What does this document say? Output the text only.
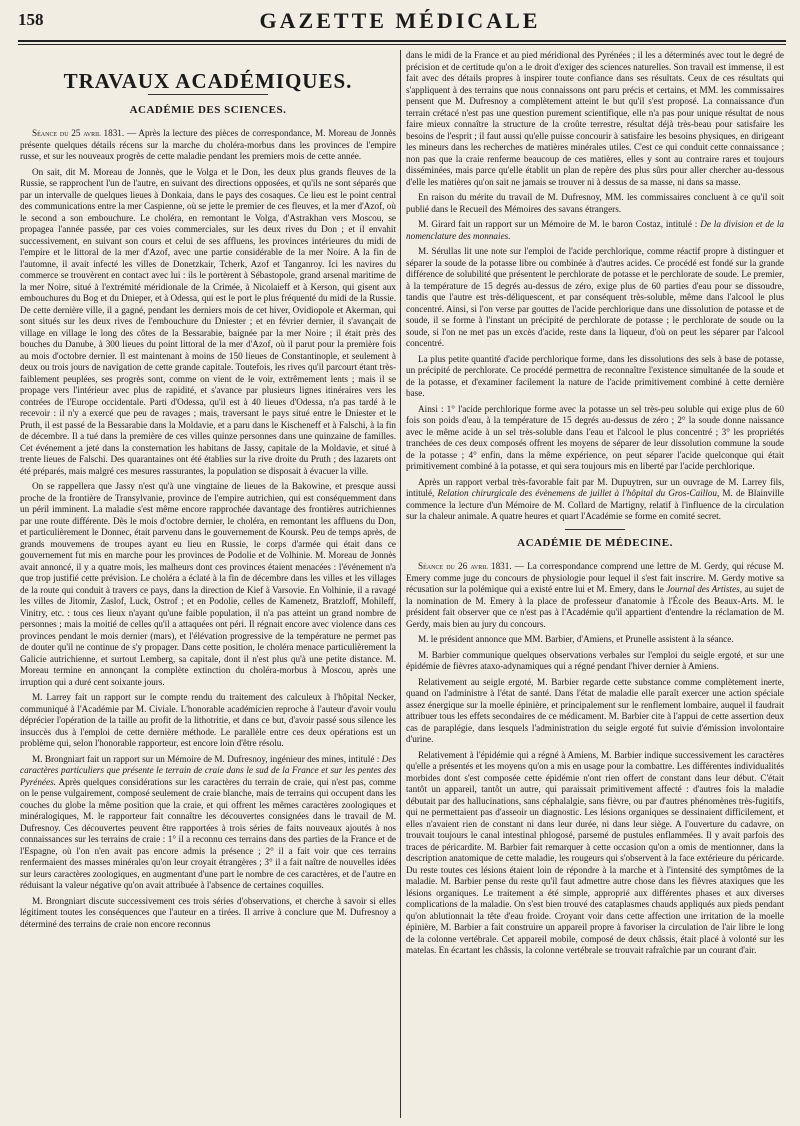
158	GAZETTE MÉDICALE
TRAVAUX ACADÉMIQUES.
ACADÉMIE DES SCIENCES.

Séance du 25 avril 1831. — Après la lecture des pièces de correspondance, M. Moreau de Jonnès présente quelques détails récens sur la marche du choléra-morbus dans les provinces de l'empire russe, et sur les nouveaux progrès de cette maladie pendant les premiers mois de cette année.

On sait, dit M. Moreau de Jonnès, que le Volga et le Don, les deux plus grands fleuves de la Russie, se rapprochent l'un de l'autre, en suivant des directions opposées, et qu'ils ne sont séparés que par un intervalle de quelques lieues à Donkaia, dans le pays des cosaques. Ce lieu est le point central des communications entre la mer Caspienne, où se jette le premier de ces fleuves, et la mer d'Azof, où le second a son embouchure. Le choléra, en remontant le Volga, d'Astrakhan vers Moscou, se propagea l'année passée, par ces voies commerciales, sur les deux rives du Don ; et il envahit successivement, en suivant son cours et celui de ses affluens, les provinces intérieures du midi de l'empire et le littoral de la mer d'Azof, avec une partie considérable de la mer Noire. A la fin de l'automne, il avait infecté les villes de Donetzkair, Tcherk, Azof et Tanganroy. Ici les navires du commerce se trouvèrent en contact avec lui : ils le portèrent à Sébastopole, grand arsenal maritime de la mer Noire, situé à l'extrémité méridionale de la Crimée, à Nicolaieff et à Kerson, qui gisent aux embouchures du Bog et du Dnieper, et à Odessa, qui est le port le plus fréquenté du midi de la Russie. De cette dernière ville, il a gagné, pendant les derniers mois de cet hiver, Ovidiopole et Akerman, qui sont situés sur les deux rives de l'embouchure du Dniester ; et en février dernier, il s'avançait de village en village le long des côtes de la Bessarabie, baignée par la mer Noire ; il était près des bouches du Danube, à 300 lieues du point littoral de la mer d'Azof, où il parut pour la première fois au mois d'octobre dernier. Il est maintenant à moins de 150 lieues de Constantinople, et seulement à deux ou trois jours de navigation de cette grande capitale. Toutefois, les rives qu'il parcourt étant très-faiblement peuplées, ses progrès sont, comme on vient de le voir, extrêmement lents ; mais il se propage vers l'intérieur avec plus de rapidité, et s'avance par plusieurs lignes itinéraires vers les contrées de l'Europe occidentale. Parti d'Odessa, qu'il est à 40 lieues d'Odessa, n'a pas tardé à le recevoir : il n'y a exercé que peu de ravages ; mais, traversant le pays situé entre le Dniester et le Pruth, il est passé de la Bessarabie dans la Moldavie, et a paru dans le Kischeneff et à Falschi, à la fin de décembre. Il a tué dans la première de ces villes quinze personnes dans une quinzaine de familles. Cet événement a jeté dans la consternation les habitans de Jassy, capitale de la Moldavie, et situé à trente lieues de Falschi. Des quarantaines ont été établies sur la rive droite du Pruth ; des lazarets ont été préparés, mais malgré ces mesures rassurantes, la population se disposait à évacuer la ville.

On se rappellera que Jassy n'est qu'à une vingtaine de lieues de la Bakowine, et presque aussi proche de la frontière de Transylvanie, province de l'empire autrichien, qui est conséquemment dans un péril imminent. La maladie s'est même encore rapprochée davantage des frontières autrichiennes par une route différente. Dès le mois d'octobre dernier, le choléra, en remontant les affluens du Don, et particulièrement le Donnec, était parvenu dans le gouvernement de Koursk. Peu de temps après, de grands mouvemens de troupes ayant eu lieu en Russie, le corps d'armée qui était dans ce gouvernement fut mis en marche pour les provinces de Podolie et de Volhinie. M. Moreau de Jonnès avait annoncé, il y a quatre mois, les malheurs dont ces provinces étaient menacées : l'événement n'a que trop justifié cette prévision. Le choléra a éclaté à la fin de décembre dans les villes et les villages de la route qui conduit à travers ce pays, dans la direction de Kief à Varsovie. En Volhinie, il a ravagé les villes de Jitomir, Zaslof, Luck, Ostrof ; et en Podolie, celles de Kamenetz, Bratzloff, Mohileff, Vinitry, etc. : tous ces lieux n'ayant qu'une faible population, il n'a pas atteint un grand nombre de personnes ; mais la moitié de celles qu'il a attaquées ont péri. Il régnait encore avec violence dans ces provinces pendant le mois dernier (mars), et l'élévation progressive de la température ne permet pas de douter qu'il ne continue de s'y propager. Dans cette position, le choléra menace particulièrement la Galicie autrichienne, et surtout Lemberg, sa capitale, dont il n'est plus qu'à une petite distance. M. Moreau termine en annonçant la complète extinction du choléra-morbus à Moscou, après une irruption qui a duré cent soixante jours.

M. Larrey fait un rapport sur le compte rendu du traitement des calculeux à l'hôpital Necker, communiqué à l'Académie par M. Civiale. L'honorable académicien reproche à l'auteur d'avoir voulu déprécier l'opération de la taille au profit de la lithotritie, et dans ce but, d'avoir passé sous silence les insuccès dus à l'emploi de cette dernière méthode. Le parallèle entre ces deux opérations est un problème qui, selon l'honorable rapporteur, est encore loin d'être résolu.

M. Brongniart fait un rapport sur un Mémoire de M. Dufresnoy, ingénieur des mines, intitulé : Des caractères particuliers que présente le terrain de craie dans le sud de la France et sur les pentes des Pyrénées. Après quelques considérations sur les caractères du terrain de craie, qui n'est pas, comme on le pense vulgairement, composé seulement de craie blanche, mais de terrains qui occupent dans les couches du globe la même position que la craie, et qui offrent les mêmes caractères zoologiques et minéralogiques, M. le rapporteur fait connaître les découvertes consignées dans le travail de M. Dufresnoy. Ces découvertes peuvent être rapportées à trois séries de faits nouveaux ajoutés à nos connaissances sur les terrains de craie : 1° il a reconnu ces terrains dans des parties de la France et de l'Espagne, où l'on n'en avait pas encore admis la présence ; 2° il a fait voir que ces terrains renfermaient des masses minérales qu'on leur croyait étrangères ; 3° il a fait naître de nouvelles idées sur leurs caractères zoologiques, en augmentant d'une part le nombre de ces caractères, et de l'autre en réduisant la valeur négative qu'on avait attribuée à l'absence de certaines coquilles.

M. Brongniart discute successivement ces trois séries d'observations, et cherche à savoir si elles légitiment toutes les conséquences que l'auteur en a tirées. Il arrive à conclure que M. Dufresnoy a déterminé des terrains de craie non encore reconnus

dans le midi de la France et au pied méridional des Pyrénées ; il les a déterminés avec tout le degré de précision et de certitude qu'on a le droit d'exiger des sciences naturelles. Son travail est immense, il est fait avec des détails propres à inspirer toute confiance dans ses résultats. Ceux de ces résultats qui s'appliquent à des terrains que nous connaissons ont paru précis et certains, et MM. les commissaires pensent que M. Dufresnoy a complètement atteint le but qu'il s'est proposé. La connaissance d'un terrain crétacé n'est pas une question purement scientifique, elle n'a pas pour unique résultat de nous faire mieux connaître la structure de la croûte terrestre, résultat déjà très-beau pour satisfaire les besoins de l'esprit ; il faut aussi qu'elle puisse concourir à satisfaire les besoins physiques, en dirigeant les mineurs dans les recherches de matières minérales utiles. C'est ce qui conduit cette connaissance ; non pas que la craie renferme beaucoup de ces matières, elles y sont au contraire rares et toujours disséminées, mais parce qu'elle établit un plan de repère des plus sûrs pour aller chercher au-dessous d'elle les matières qu'on sait ne jamais se trouver ni à dessus de sa masse, ni dans sa masse.

En raison du mérite du travail de M. Dufresnoy, MM. les commissaires concluent à ce qu'il soit publié dans le Recueil des Mémoires des savans étrangers.

M. Girard fait un rapport sur un Mémoire de M. le baron Costaz, intitulé : De la division et de la nomenclature des monnaies.

M. Sérullas lit une note sur l'emploi de l'acide perchlorique, comme réactif propre à distinguer et séparer la soude de la potasse libre ou combinée à d'autres acides. Ce procédé est fondé sur la grande différence de solubilité que présentent le perchlorate de potasse et le perchlorate de soude. Le premier, à la température de 15 degrés au-dessus de zéro, exige plus de 60 parties d'eau pour se dissoudre, tandis que l'autre est très-déliquescent, et par conséquent très-soluble, même dans l'alcool le plus concentré. Ainsi, si l'on verse par gouttes de l'acide perchlorique dans une dissolution de potasse et de soude, il se forme à l'instant un précipité de perchlorate de potasse ; le perchlorate de soude ou la soude, si l'on ne met pas un excès d'acide, reste dans la liqueur, d'où on peut les séparer par l'alcool concentré.

La plus petite quantité d'acide perchlorique forme, dans les dissolutions des sels à base de potasse, un précipité de perchlorate. Ce procédé permettra de reconnaître l'existence simultanée de la soude et de la potasse, et d'examiner facilement la nature de l'acide primitivement combiné à cette dernière base.

Ainsi : 1° l'acide perchlorique forme avec la potasse un sel très-peu soluble qui exige plus de 60 fois son poids d'eau, à la température de 15 degrés au-dessus de zéro ; 2° la soude donne naissance avec le même acide à un sel très-soluble dans l'eau et l'alcool le plus concentré ; 3° les propriétés tranchées de ces deux composés offrent les moyens de séparer de leur dissolution commune la soude de la potasse ; 4° enfin, dans la même expérience, on peut séparer l'acide quelconque qui était primitivement combiné à la potasse, et qui sera toujours mis en liberté par l'acide perchlorique.

Après un rapport verbal très-favorable fait par M. Dupuytren, sur un ouvrage de M. Larrey fils, intitulé, Relation chirurgicale des évènemens de juillet à l'hôpital du Gros-Caillou, M. de Blainville commence la lecture d'un Mémoire de M. Collard de Martigny, relatif à l'influence de la circulation sur la chaleur animale. A quatre heures et quart l'Académie se forme en comité secret.

ACADÉMIE DE MÉDECINE.

Séance du 26 avril 1831. — La correspondance comprend une lettre de M. Gerdy, qui récuse M. Emery comme juge du concours de physiologie pour lequel il s'est fait inscrire. M. Gerdy motive sa récusation sur la polémique qui a existé entre lui et M. Emery, dans le Journal des Artistes, au sujet de la nomination de M. Emery à la place de professeur d'anatomie à l'École des Beaux-Arts. M. le président fait observer que ce n'est pas à l'Académie qu'il appartient d'entendre la réclamation de M. Gerdy, mais bien au jury du concours.

M. le président annonce que MM. Barbier, d'Amiens, et Prunelle assistent à la séance.

M. Barbier communique quelques observations verbales sur l'emploi du seigle ergoté, et sur une épidémie de fièvres ataxo-adynamiques qui a régné pendant l'hiver dernier à Amiens.

Relativement au seigle ergoté, M. Barbier regarde cette substance comme complètement inerte, quand on l'administre à l'état de santé. Dans l'état de maladie elle paraît exercer une action spéciale assez énergique sur la moelle épinière, et principalement sur le renflement lombaire, auquel il faudrait attribuer tous les effets secondaires de ce médicament. M. Barbier cite à l'appui de cette assertion deux cas de paraplégie, dans lesquels l'administration du seigle ergoté fut suivie d'émission involontaire d'urine.

Relativement à l'épidémie qui a régné à Amiens, M. Barbier indique successivement les caractères qu'elle a présentés et les moyens qu'on a mis en usage pour la combattre. Les différentes individualités morbides dont s'est composée cette épidémie n'ont rien offert de constant dans leur début. C'était tantôt un appareil, tantôt un autre, qui paraissait primitivement affecté : d'autres fois la maladie débutait par des hallucinations, sans céphalalgie, sans fièvre, ou par d'autres phénomènes très-fugitifs, qui ne permettaient pas d'asseoir un diagnostic. Les lésions organiques se dessinaient difficilement, et elles n'avaient rien de constant ni dans leur durée, ni dans leur siège. A l'ouverture du cadavre, on trouvait toujours le canal intestinal phlogosé, parsemé de pustules enflammées. Il y avait parfois des traces de péricardite. M. Barbier fait remarquer à cette occasion qu'on a omis de mentionner, dans la description anatomique de cette maladie, les rougeurs qui s'observent à la face extérieure du péricarde. Du reste toutes ces lésions étaient loin de répondre à la marche et à l'intensité des symptômes de la maladie. M. Barbier pense du reste qu'il faut admettre autre chose dans les fièvres ataxiques que les lésions organiques. Le traitement a été simple, approprié aux différentes phases et aux diverses complications de la maladie. On s'est bien trouvé des cataplasmes chauds appliqués aux pieds pendant qu'on ablutionnait la tête d'eau froide. Croyant voir dans cette affection une irritation de la moelle épinière, M. Barbier a fait construire un appareil propre à favoriser la circulation de l'air libre le long de la colonne vertébrale. Cet appareil mobile, composé de deux châssis, était placé à volonté sur les matelas. En écartant les châssis, la colonne vertébrale se trouvait rafraîchie par un courant d'air.
